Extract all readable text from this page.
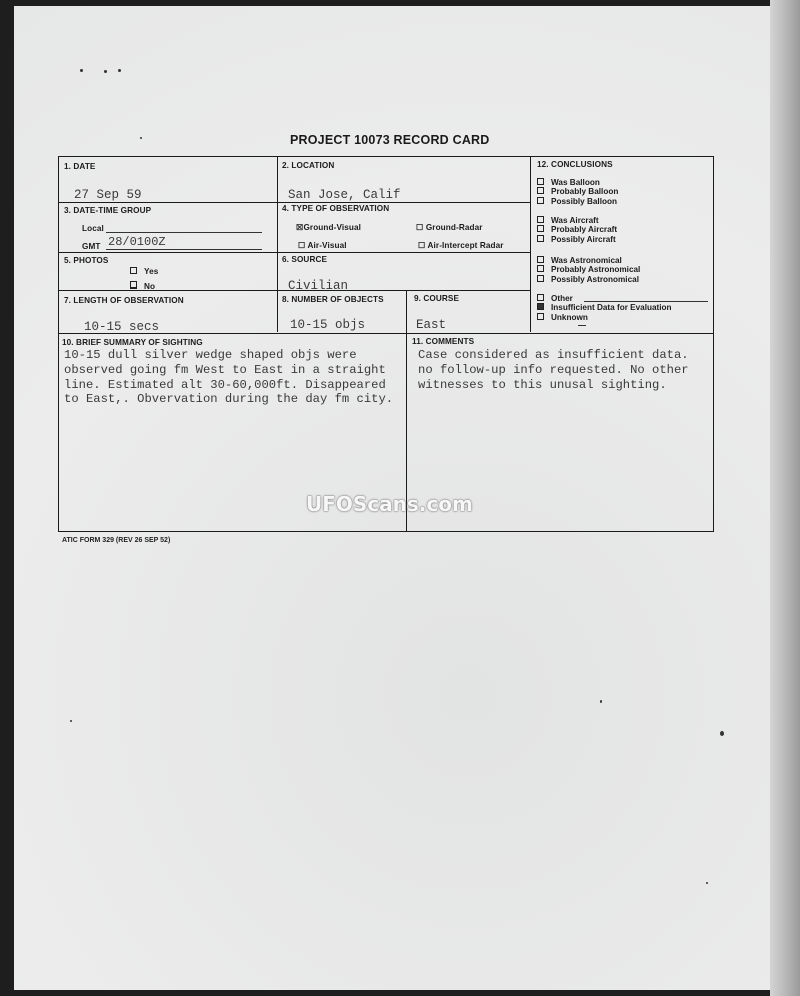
PROJECT 10073 RECORD CARD
1. DATE
27 Sep 59
2. LOCATION
San Jose, Calif
3. DATE-TIME GROUP
Local
GMT 28/0100Z
4. TYPE OF OBSERVATION
☒Ground-Visual	☐ Ground-Radar
☐ Air-Visual	☐ Air-Intercept Radar
5. PHOTOS
Yes
No
6. SOURCE
Civilian
7. LENGTH OF OBSERVATION
10-15 secs
8. NUMBER OF OBJECTS
10-15 objs
9. COURSE
East
10. BRIEF SUMMARY OF SIGHTING
10-15 dull silver wedge shaped objs were
observed going fm West to East in a straight
line. Estimated alt 30-60,000ft. Disappeared
to East,. Obvervation during the day fm city.
11. COMMENTS
Case considered as insufficient data.
no follow-up info requested. No other
witnesses to this unusal sighting.
12. CONCLUSIONS
Was Balloon
Probably Balloon
Possibly Balloon
Was Aircraft
Probably Aircraft
Possibly Aircraft
Was Astronomical
Probably Astronomical
Possibly Astronomical
Other
Insufficient Data for Evaluation
Unknown
UFOScans.com
ATIC FORM 329 (REV 26 SEP 52)
